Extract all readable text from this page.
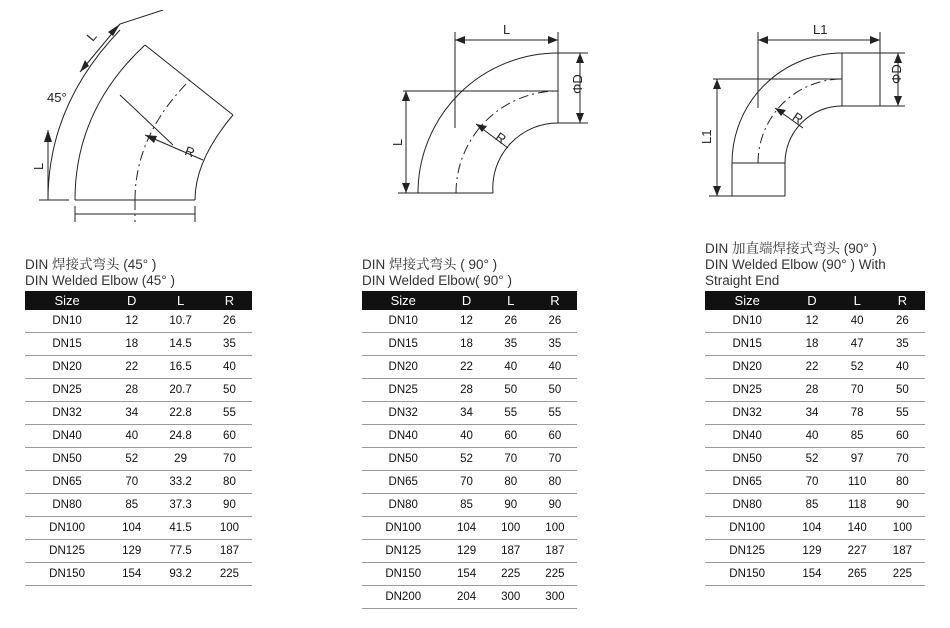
L
45°
L
R
L
ΦD
L	R
L1
ΦD
L1
R
DIN 焊接式弯头 (45° )
DIN Welded Elbow (45° )
Size	D	L	R
DN10	12	10.7	26
DN15	18	14.5	35
DN20	22	16.5	40
DN25	28	20.7	50
DN32	34	22.8	55
DN40	40	24.8	60
DN50	52	29	70
DN65	70	33.2	80
DN80	85	37.3	90
DN100	104	41.5	100
DN125	129	77.5	187
DN150	154	93.2	225
DIN 焊接式弯头 ( 90° )
DIN Welded Elbow( 90° )
Size	D	L	R
DN10	12	26	26
DN15	18	35	35
DN20	22	40	40
DN25	28	50	50
DN32	34	55	55
DN40	40	60	60
DN50	52	70	70
DN65	70	80	80
DN80	85	90	90
DN100	104	100	100
DN125	129	187	187
DN150	154	225	225
DN200	204	300	300
DIN 加直端焊接式弯头 (90° )
DIN Welded Elbow (90° ) With
Straight End
Size	D	L	R
DN10	12	40	26
DN15	18	47	35
DN20	22	52	40
DN25	28	70	50
DN32	34	78	55
DN40	40	85	60
DN50	52	97	70
DN65	70	110	80
DN80	85	118	90
DN100	104	140	100
DN125	129	227	187
DN150	154	265	225
